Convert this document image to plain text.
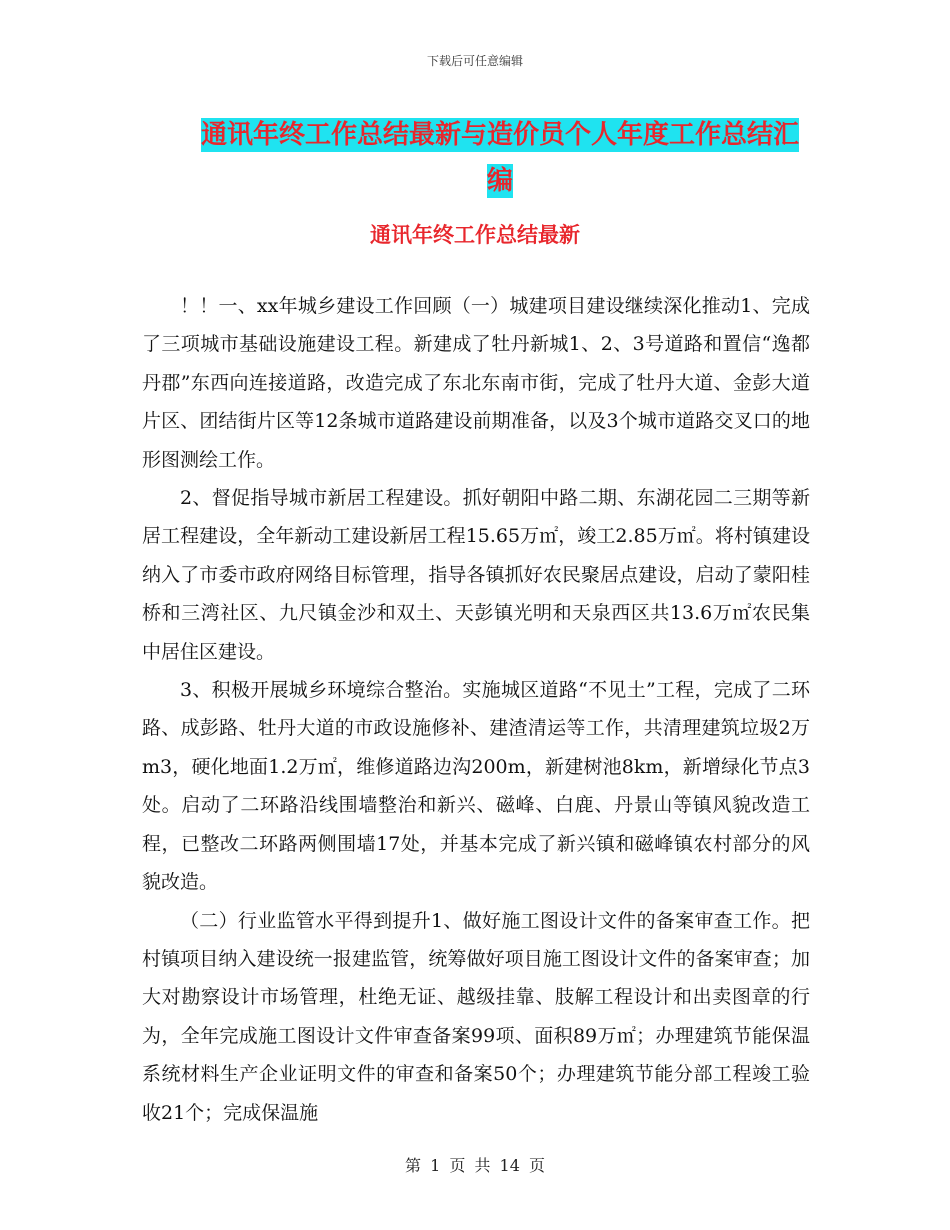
下载后可任意编辑
通讯年终工作总结最新与造价员个人年度工作总结汇编
通讯年终工作总结最新

！！一、xx年城乡建设工作回顾（一）城建项目建设继续深化推动1、完成了三项城市基础设施建设工程。新建成了牡丹新城1、2、3号道路和置信“逸都丹郡”东西向连接道路，改造完成了东北东南市街，完成了牡丹大道、金彭大道片区、团结街片区等12条城市道路建设前期准备，以及3个城市道路交叉口的地形图测绘工作。

2、督促指导城市新居工程建设。抓好朝阳中路二期、东湖花园二三期等新居工程建设，全年新动工建设新居工程15.65万㎡，竣工2.85万㎡。将村镇建设纳入了市委市政府网络目标管理，指导各镇抓好农民聚居点建设，启动了蒙阳桂桥和三湾社区、九尺镇金沙和双土、天彭镇光明和天泉西区共13.6万㎡农民集中居住区建设。

3、积极开展城乡环境综合整治。实施城区道路“不见土”工程，完成了二环路、成彭路、牡丹大道的市政设施修补、建渣清运等工作，共清理建筑垃圾2万m3，硬化地面1.2万㎡，维修道路边沟200m，新建树池8km，新增绿化节点3处。启动了二环路沿线围墙整治和新兴、磁峰、白鹿、丹景山等镇风貌改造工程，已整改二环路两侧围墙17处，并基本完成了新兴镇和磁峰镇农村部分的风貌改造。

（二）行业监管水平得到提升1、做好施工图设计文件的备案审查工作。把村镇项目纳入建设统一报建监管，统筹做好项目施工图设计文件的备案审查；加大对勘察设计市场管理，杜绝无证、越级挂靠、肢解工程设计和出卖图章的行为，全年完成施工图设计文件审查备案99项、面积89万㎡；办理建筑节能保温系统材料生产企业证明文件的审查和备案50个；办理建筑节能分部工程竣工验收21个；完成保温施

第 1 页 共 14 页
